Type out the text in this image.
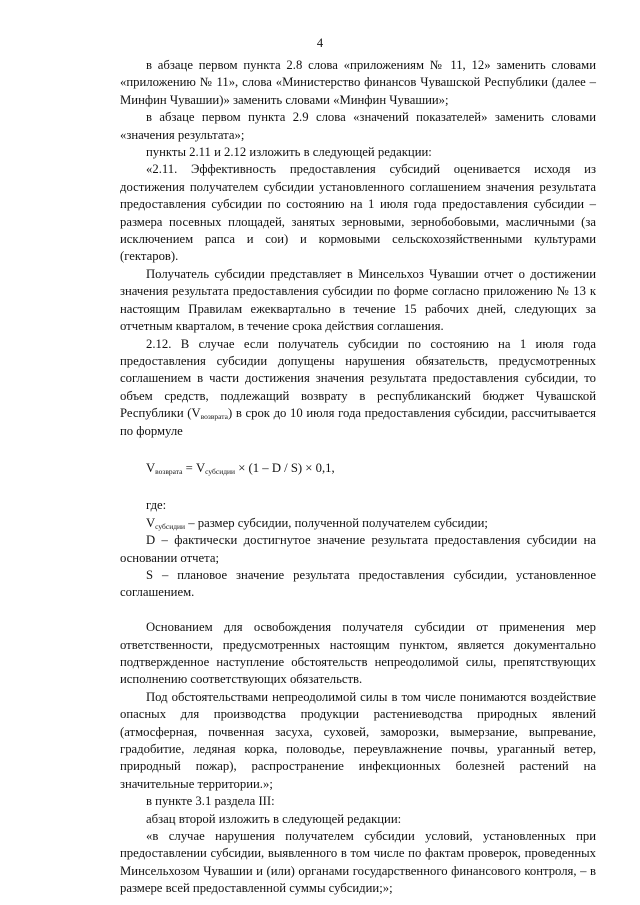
4

в абзаце первом пункта 2.8 слова «приложениям № 11, 12» заменить словами «приложению № 11», слова «Министерство финансов Чувашской Республики (далее – Минфин Чувашии)» заменить словами «Минфин Чувашии»;

в абзаце первом пункта 2.9 слова «значений показателей» заменить словами «значения результата»;

пункты 2.11 и 2.12 изложить в следующей редакции:

«2.11. Эффективность предоставления субсидий оценивается исходя из достижения получателем субсидии установленного соглашением значения результата предоставления субсидии по состоянию на 1 июля года предоставления субсидии – размера посевных площадей, занятых зерновыми, зернобобовыми, масличными (за исключением рапса и сои) и кормовыми сельскохозяйственными культурами (гектаров).

Получатель субсидии представляет в Минсельхоз Чувашии отчет о достижении значения результата предоставления субсидии по форме согласно приложению № 13 к настоящим Правилам ежеквартально в течение 15 рабочих дней, следующих за отчетным кварталом, в течение срока действия соглашения.

2.12. В случае если получатель субсидии по состоянию на 1 июля года предоставления субсидии допущены нарушения обязательств, предусмотренных соглашением в части достижения значения результата предоставления субсидии, то объем средств, подлежащий возврату в республиканский бюджет Чувашской Республики $(V_{возврата})$ в срок до 10 июля года предоставления субсидии, рассчитывается по формуле

$V_{возврата} = V_{субсидии} \times (1 - D / S) \times 0,1$,

где:

$V_{субсидии}$ – размер субсидии, полученной получателем субсидии;

D – фактически достигнутое значение результата предоставления субсидии на основании отчета;

S – плановое значение результата предоставления субсидии, установленное соглашением.

Основанием для освобождения получателя субсидии от применения мер ответственности, предусмотренных настоящим пунктом, является документально подтвержденное наступление обстоятельств непреодолимой силы, препятствующих исполнению соответствующих обязательств.

Под обстоятельствами непреодолимой силы в том числе понимаются воздействие опасных для производства продукции растениеводства природных явлений (атмосферная, почвенная засуха, суховей, заморозки, вымерзание, выпревание, градобитие, ледяная корка, половодье, переувлажнение почвы, ураганный ветер, природный пожар), распространение инфекционных болезней растений на значительные территории.»;

в пункте 3.1 раздела III:

абзац второй изложить в следующей редакции:

«в случае нарушения получателем субсидии условий, установленных при предоставлении субсидии, выявленного в том числе по фактам проверок, проведенных Минсельхозом Чувашии и (или) органами государственного финансового контроля, – в размере всей предоставленной суммы субсидии;»;
